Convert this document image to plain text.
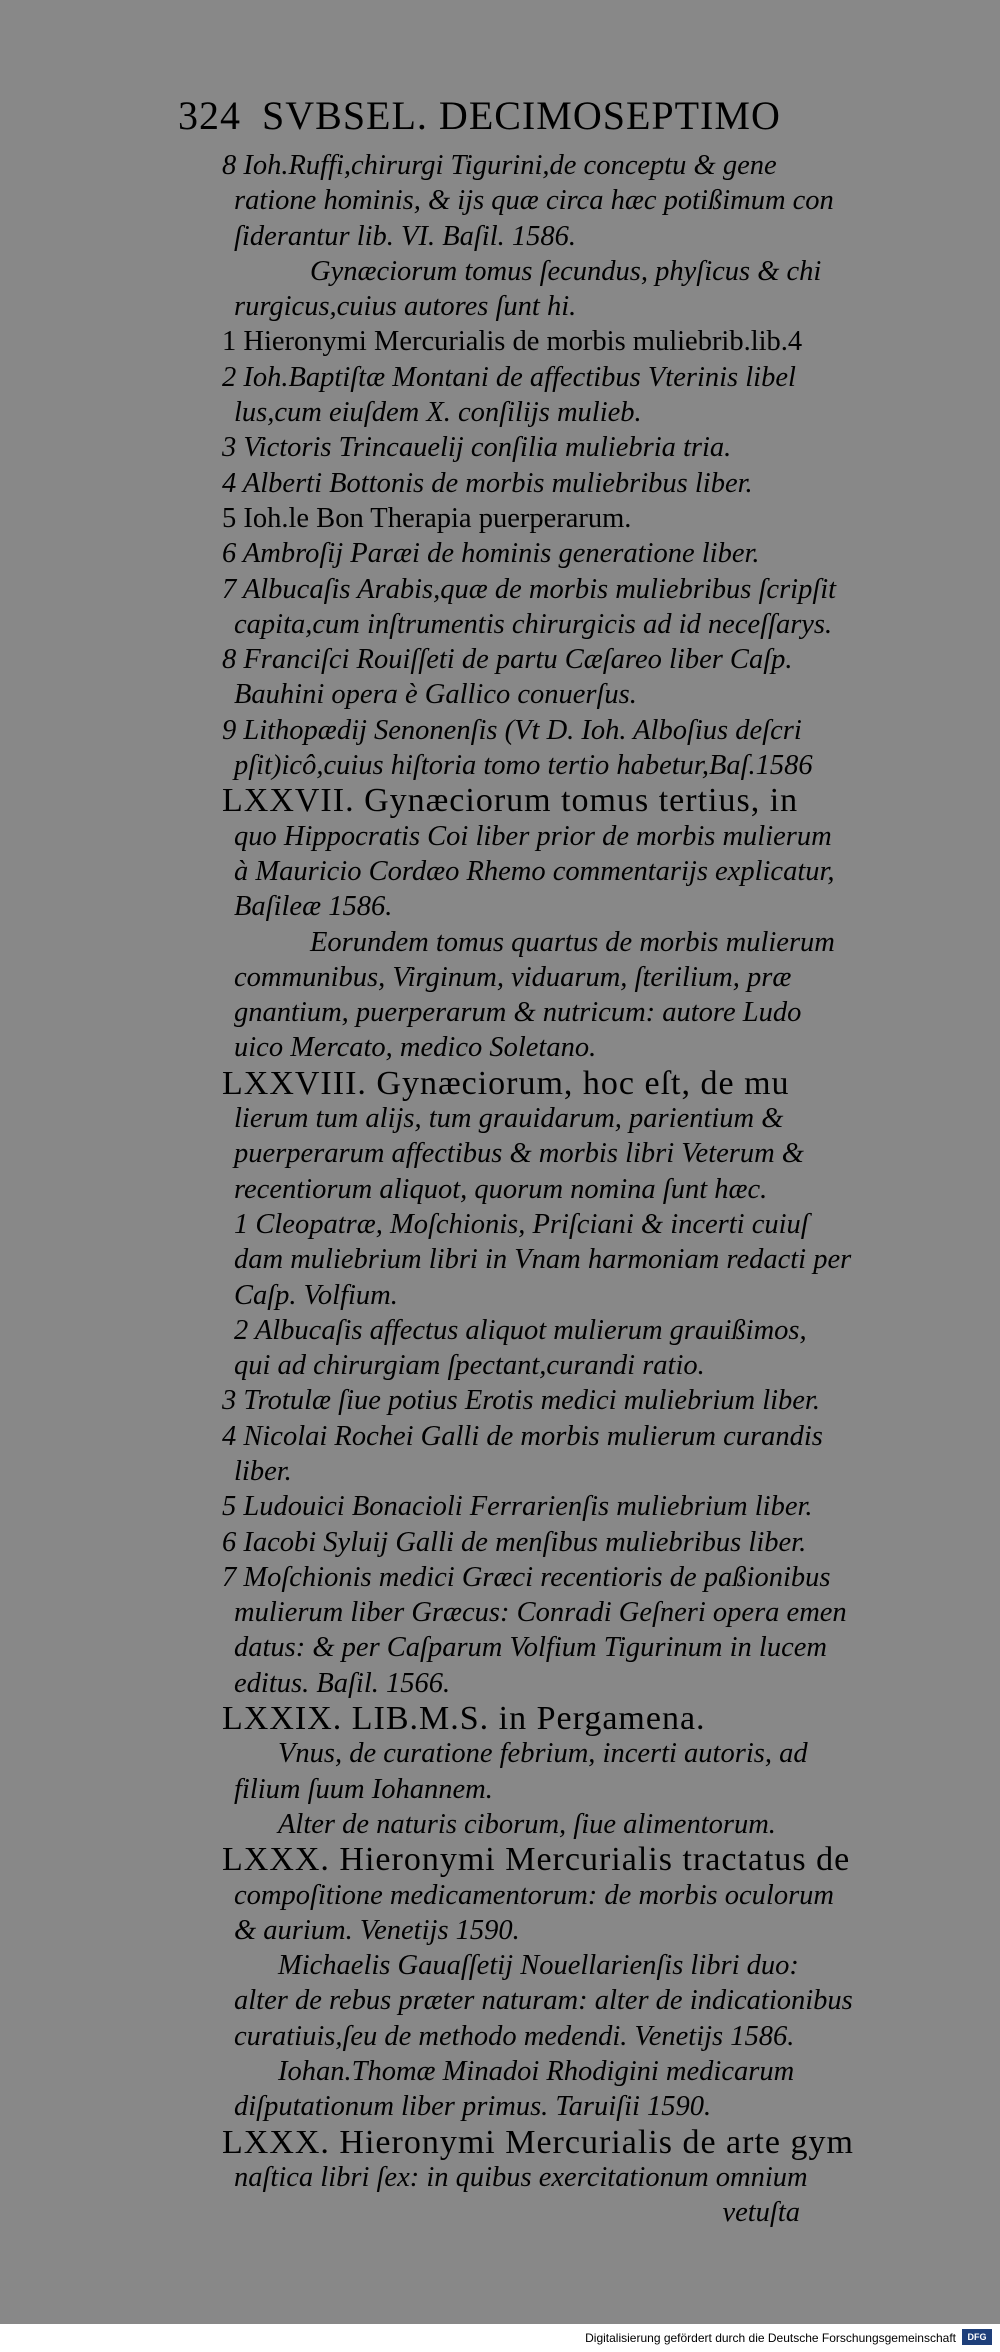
324 SVBSEL. DECIMOSEPTIMO
8 Ioh.Ruffi,chirurgi Tigurini,de conceptu & gene
ratione hominis, & ijs quæ circa hæc potißimum con
ſiderantur lib. VI. Baſil. 1586.
Gynæciorum tomus ſecundus, phyſicus & chi
rurgicus,cuius autores ſunt hi.
1 Hieronymi Mercurialis de morbis muliebrib.lib.4
2 Ioh.Baptiſtæ Montani de affectibus Vterinis libel
lus,cum eiuſdem X. conſilijs mulieb.
3 Victoris Trincauelij conſilia muliebria tria.
4 Alberti Bottonis de morbis muliebribus liber.
5 Ioh.le Bon Therapia puerperarum.
6 Ambroſij Paræi de hominis generatione liber.
7 Albucaſis Arabis,quæ de morbis muliebribus ſcripſit
capita,cum inſtrumentis chirurgicis ad id neceſſarys.
8 Franciſci Rouiſſeti de partu Cæſareo liber Caſp.
Bauhini opera è Gallico conuerſus.
9 Lithopædij Senonenſis (Vt D. Ioh. Alboſius deſcri
pſit)icô,cuius hiſtoria tomo tertio habetur,Baſ.1586
LXXVII. Gynæciorum tomus tertius, in
quo Hippocratis Coi liber prior de morbis mulierum
à Mauricio Cordæo Rhemo commentarijs explicatur,
Baſileæ 1586.
Eorundem tomus quartus de morbis mulierum
communibus, Virginum, viduarum, ſterilium, præ
gnantium, puerperarum & nutricum: autore Ludo
uico Mercato, medico Soletano.
LXXVIII. Gynæciorum, hoc eſt, de mu
lierum tum alijs, tum grauidarum, parientium &
puerperarum affectibus & morbis libri Veterum &
recentiorum aliquot, quorum nomina ſunt hæc.
1 Cleopatræ, Moſchionis, Priſciani & incerti cuiuſ
dam muliebrium libri in Vnam harmoniam redacti per
Caſp. Volfium.
2 Albucaſis affectus aliquot mulierum grauißimos,
qui ad chirurgiam ſpectant,curandi ratio.
3 Trotulæ ſiue potius Erotis medici muliebrium liber.
4 Nicolai Rochei Galli de morbis mulierum curandis
liber.
5 Ludouici Bonacioli Ferrarienſis muliebrium liber.
6 Iacobi Syluij Galli de menſibus muliebribus liber.
7 Moſchionis medici Græci recentioris de paßionibus
mulierum liber Græcus: Conradi Geſneri opera emen
datus: & per Caſparum Volfium Tigurinum in lucem
editus. Baſil. 1566.
LXXIX. LIB.M.S. in Pergamena.
Vnus, de curatione febrium, incerti autoris, ad
filium ſuum Iohannem.
Alter de naturis ciborum, ſiue alimentorum.
LXXX. Hieronymi Mercurialis tractatus de
compoſitione medicamentorum: de morbis oculorum
& aurium. Venetijs 1590.
Michaelis Gauaſſetij Nouellarienſis libri duo:
alter de rebus præter naturam: alter de indicationibus
curatiuis,ſeu de methodo medendi. Venetijs 1586.
Iohan.Thomæ Minadoi Rhodigini medicarum
diſputationum liber primus. Taruiſii 1590.
LXXX. Hieronymi Mercurialis de arte gym
naſtica libri ſex: in quibus exercitationum omnium
vetuſta
Digitalisierung gefördert durch die Deutsche Forschungsgemeinschaft	DFG
